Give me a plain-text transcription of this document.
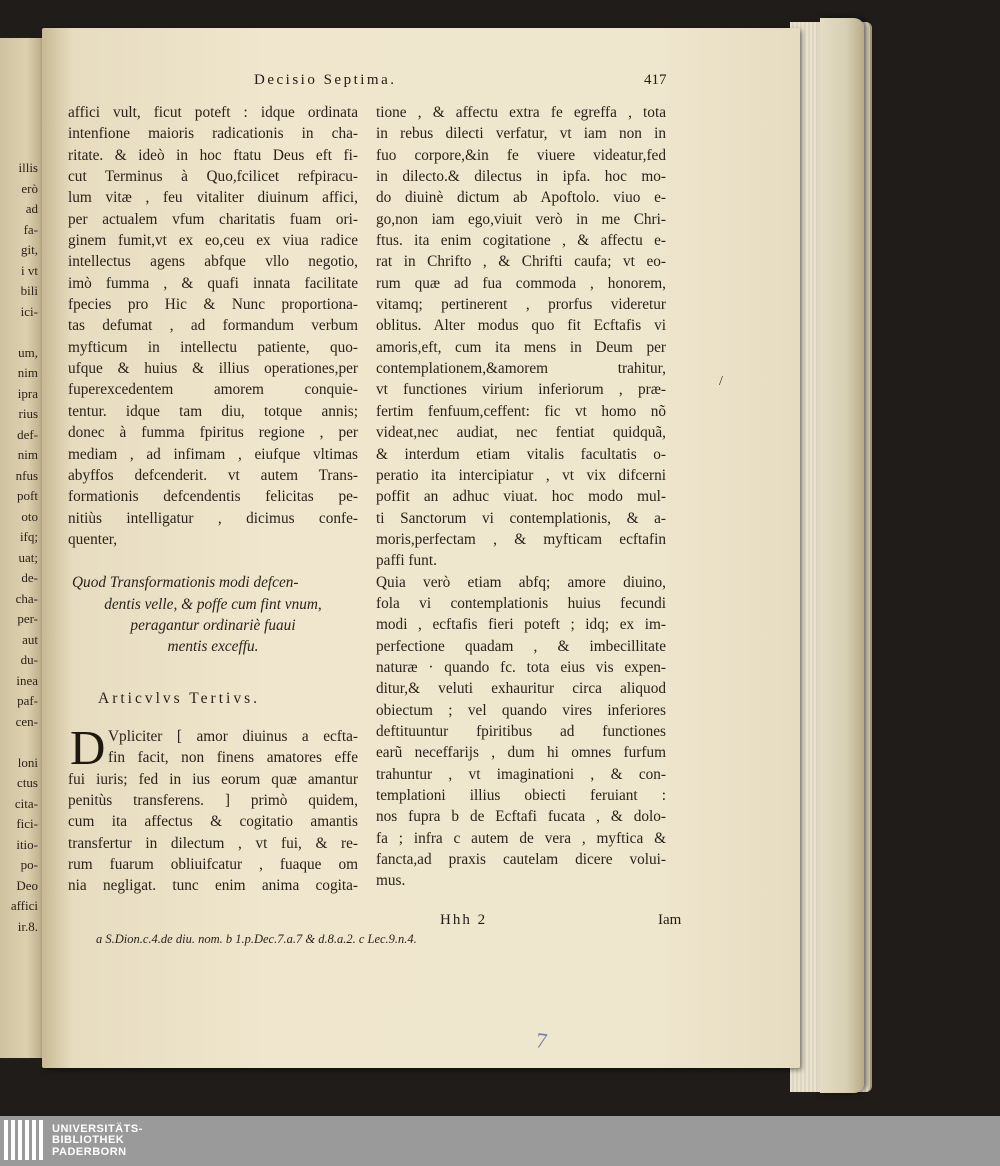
illis
erò
ad
fa-
git,
i vt
bili
ici-

um,
nim
ipra
rius
def-
nim
nfus
poft
oto
ifq;
uat;
de-
cha-
per-
aut
du-
inea
paf-
cen-

loni
ctus
cita-
fici-
itio-
po-
Deo
affici
ir.8.
Decisio Septima.	417
affici vult, ficut poteft : idque ordinata
intenfione maioris radicationis in cha-
ritate. & ideò in hoc ftatu Deus eft fi-
cut Terminus à Quo,fcilicet refpiracu-
lum vitæ , feu vitaliter diuinum affici,
per actualem vfum charitatis fuam ori-
ginem fumit,vt ex eo,ceu ex viua radice
intellectus agens abfque vllo negotio,
imò fumma , & quafi innata facilitate
fpecies pro Hic & Nunc proportiona-
tas defumat , ad formandum verbum
myfticum in intellectu patiente, quo-
ufque & huius & illius operationes,per
fuperexcedentem amorem conquie-
tentur. idque tam diu, totque annis;
donec à fumma fpiritus regione , per
mediam , ad infimam , eiufque vltimas
abyffos defcenderit. vt autem Trans-
formationis defcendentis felicitas pe-
nitiùs intelligatur , dicimus confe-
quenter,
Quod Transformationis modi defcen-
dentis velle, & poffe cum fint vnum,
peragantur ordinariè fuaui
mentis exceffu.
Articvlvs Tertivs.
D Vpliciter [ amor diuinus a ecfta-
fin facit, non finens amatores effe
fui iuris; fed in ius eorum quæ amantur
penitùs transferens. ] primò quidem,
cum ita affectus & cogitatio amantis
transfertur in dilectum , vt fui, & re-
rum fuarum obliuifcatur , fuaque om
nia negligat. tunc enim anima cogita-
tione , & affectu extra fe egreffa , tota
in rebus dilecti verfatur, vt iam non in
fuo corpore,&in fe viuere videatur,fed
in dilecto.& dilectus in ipfa. hoc mo-
do diuinè dictum ab Apoftolo. viuo e-
go,non iam ego,viuit verò in me Chri-
ftus. ita enim cogitatione , & affectu e-
rat in Chrifto , & Chrifti caufa; vt eo-
rum quæ ad fua commoda , honorem,
vitamq; pertinerent , prorfus videretur
oblitus. Alter modus quo fit Ecftafis vi
amoris,eft, cum ita mens in Deum per
contemplationem,&amorem trahitur,
vt functiones virium inferiorum , præ-
fertim fenfuum,ceffent: fic vt homo nõ
videat,nec audiat, nec fentiat quidquã,
& interdum etiam vitalis facultatis o-
peratio ita intercipiatur , vt vix difcerni
poffit an adhuc viuat. hoc modo mul-
ti Sanctorum vi contemplationis, & a-
moris,perfectam , & myfticam ecftafin
paffi funt.
Quia verò etiam abfq; amore diuino,
fola vi contemplationis huius fecundi
modi , ecftafis fieri poteft ; idq; ex im-
perfectione quadam , & imbecillitate
naturæ · quando fc. tota eius vis expen-
ditur,& veluti exhauritur circa aliquod
obiectum ; vel quando vires inferiores
deftituuntur fpiritibus ad functiones
earũ neceffarijs , dum hi omnes furfum
trahuntur , vt imaginationi , & con-
templationi illius obiecti feruiant :
nos fupra b de Ecftafi fucata , & dolo-
fa ; infra c autem de vera , myftica &
fancta,ad praxis cautelam dicere volui-
mus.
/
Hhh 2	Iam
a S.Dion.c.4.de diu. nom. b 1.p.Dec.7.a.7 & d.8.a.2. c Lec.9.n.4.
7
UNIVERSITÄTS-
BIBLIOTHEK
PADERBORN
